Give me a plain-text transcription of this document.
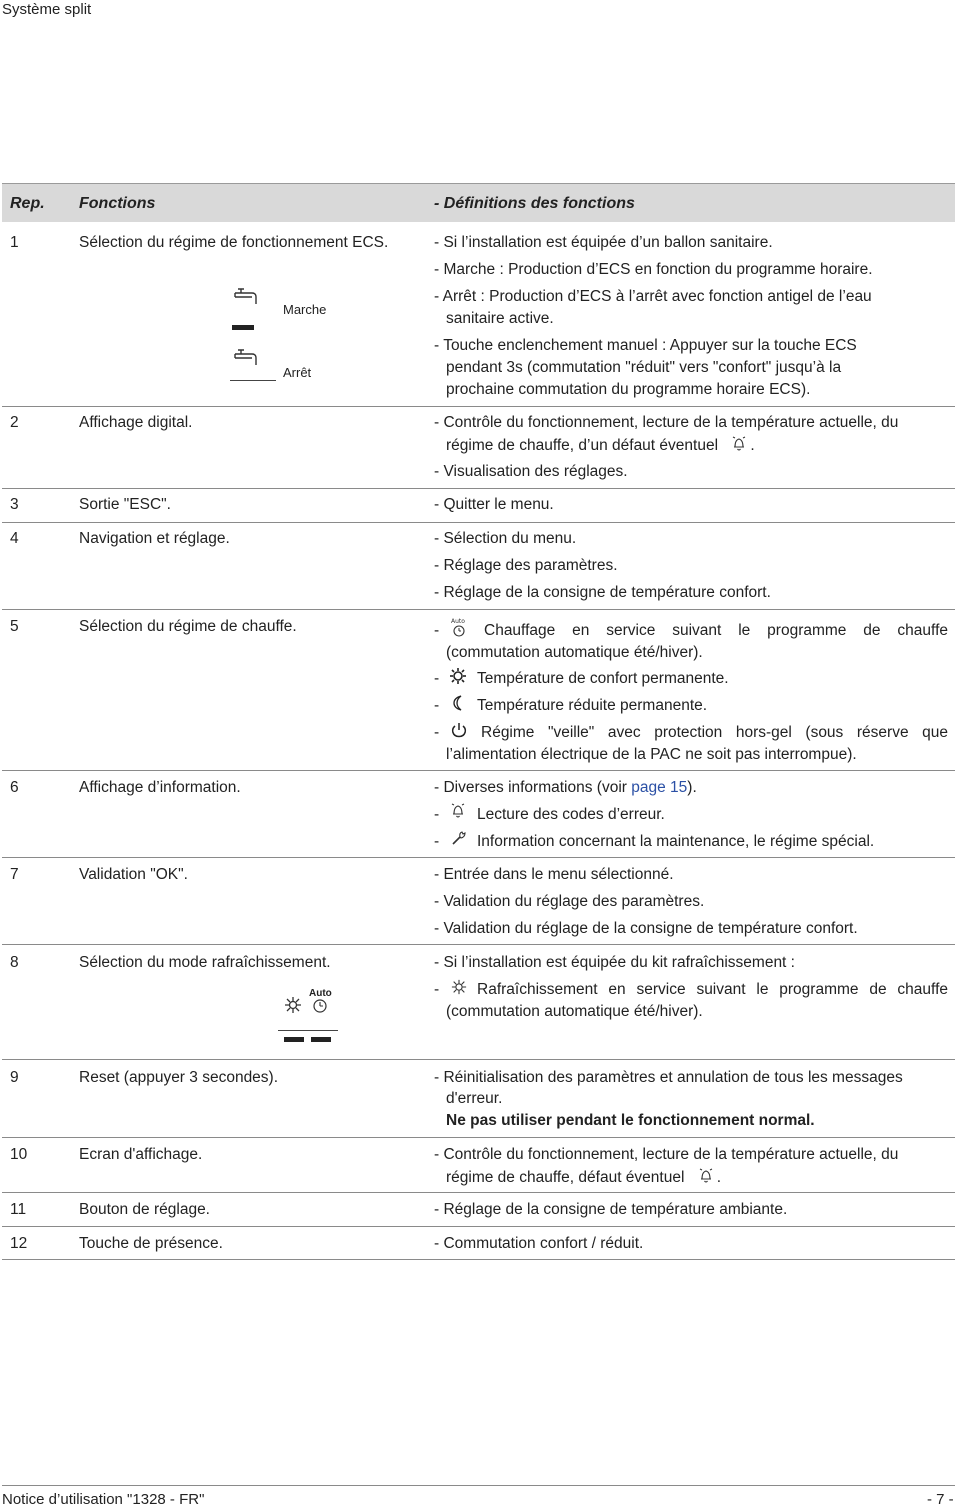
Système split
Rep. Fonctions	- Définitions des fonctions
1	Sélection du régime de fonctionnement ECS.
Marche
Arrêt
- Si l’installation est équipée d’un ballon sanitaire.
- Marche : Production d’ECS en fonction du programme horaire.
- Arrêt : Production d’ECS à l’arrêt avec fonction antigel de l’eau
sanitaire active.
- Touche enclenchement manuel : Appuyer sur la touche ECS
pendant 3s (commutation "réduit" vers "confort" jusqu’à la
prochaine commutation du programme horaire ECS).
2	Affichage digital.	- Contrôle du fonctionnement, lecture de la température actuelle, du
régime de chauffe, d’un défaut éventuel .
- Visualisation des réglages.
3	Sortie "ESC".	- Quitter le menu.
4	Navigation et réglage.	- Sélection du menu.
- Réglage des paramètres.
- Réglage de la consigne de température confort.
5	Sélection du régime de chauffe.	-
Auto
Chauffage en service suivant le programme de chauffe
(commutation automatique été/hiver).
- Température de confort permanente.
- Température réduite permanente.
-	Régime "veille" avec protection hors-gel (sous réserve que
l’alimentation électrique de la PAC ne soit pas interrompue).
6	Affichage d’information.	- Diverses informations (voir page 15).
- Lecture des codes d’erreur.
- Information concernant la maintenance, le régime spécial.
7	Validation "OK".	- Entrée dans le menu sélectionné.
- Validation du réglage des paramètres.
- Validation du réglage de la consigne de température confort.
8	Sélection du mode rafraîchissement.
Auto
- Si l’installation est équipée du kit rafraîchissement :
- Rafraîchissement en service suivant le programme de chauffe
(commutation automatique été/hiver).
9	Reset (appuyer 3 secondes).	- Réinitialisation des paramètres et annulation de tous les messages
d'erreur.
Ne pas utiliser pendant le fonctionnement normal.
10	Ecran d'affichage.	- Contrôle du fonctionnement, lecture de la température actuelle, du
régime de chauffe, défaut éventuel .
11	Bouton de réglage.	- Réglage de la consigne de température ambiante.
12	Touche de présence.	- Commutation confort / réduit.
Notice d’utilisation "1328 - FR"	- 7 -
